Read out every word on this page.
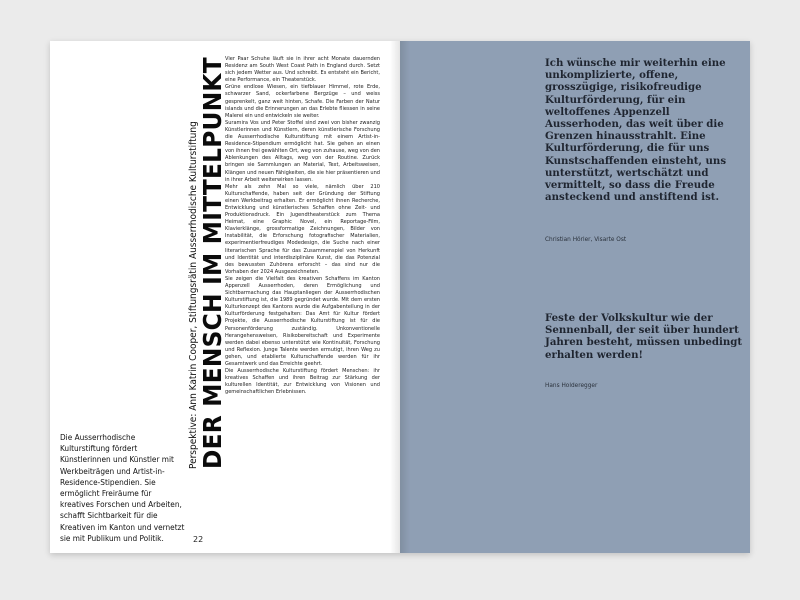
Perspektive: Ann Katrin Cooper, Stiftungsrätin Ausserrhodische Kulturstiftung DER MENSCH IM MITTELPUNKT

Vier Paar Schuhe läuft sie in ihrer acht Monate dauernden Residenz am South West Coast Path in England durch. Setzt sich jedem Wetter aus. Und schreibt. Es entsteht ein Bericht, eine Performance, ein Theaterstück.

Grüne endlose Wiesen, ein tiefblauer Himmel, rote Erde, schwarzer Sand, ockerfarbene Bergzüge – und weiss gesprenkelt, ganz weit hinten, Schafe. Die Farben der Natur islands und die Erinnerungen an das Erlebte fliessen in seine Malerei ein und entwickeln sie weiter.

Suramira Vos und Peter Stoffel sind zwei von bisher zwanzig Künstlerinnen und Künstlern, deren künstlerische Forschung die Ausserrhodische Kulturstiftung mit einem Artist-in-Residence-Stipendium ermöglicht hat. Sie gehen an einen von ihnen frei gewählten Ort, weg von zuhause, weg von den Ablenkungen des Alltags, weg von der Routine. Zurück bringen sie Sammlungen an Material, Text, Arbeitsweisen, Klängen und neuen Fähigkeiten, die sie hier präsentieren und in ihrer Arbeit weiterwirken lassen.

Mehr als zehn Mal so viele, nämlich über 210 Kulturschaffende, haben seit der Gründung der Stiftung einen Werkbeitrag erhalten. Er ermöglicht ihnen Recherche, Entwicklung und künstlerisches Schaffen ohne Zeit- und Produktionsdruck. Ein Jugendtheaterstück zum Thema Heimat, eine Graphic Novel, ein Reportage-Film, Klavierklänge, grossformatige Zeichnungen, Bilder von Instabilität, die Erforschung fotografischer Materialien, experimentierfreudiges Modedesign, die Suche nach einer literarischen Sprache für das Zusammenspiel von Herkunft und Identität und interdisziplinäre Kunst, die das Potenzial des bewussten Zuhörens erforscht – das sind nur die Vorhaben der 2024 Ausgezeichneten.

Sie zeigen die Vielfalt des kreativen Schaffens im Kanton Appenzell Ausserrhoden, deren Ermöglichung und Sichtbarmachung das Hauptanliegen der Ausserrhodischen Kulturstiftung ist, die 1989 gegründet wurde. Mit dem ersten Kulturkonzept des Kantons wurde die Aufgabenteilung in der Kulturförderung festgehalten: Das Amt für Kultur fördert Projekte, die Ausserrhodische Kulturstiftung ist für die Personenförderung zuständig. Unkonventionelle Herangehensweisen, Risikobereitschaft und Experimente werden dabei ebenso unterstützt wie Kontinuität, Forschung und Reflexion. Junge Talente werden ermutigt, ihren Weg zu gehen, und etablierte Kulturschaffende werden für ihr Gesamtwerk und das Erreichte geehrt.

Die Ausserrhodische Kulturstiftung fördert Menschen: ihr kreatives Schaffen und ihren Beitrag zur Stärkung der kulturellen Identität, zur Entwicklung von Visionen und gemeinschaftlichen Erlebnissen.

Die Ausserrhodische Kulturstiftung fördert Künstlerinnen und Künstler mit Werkbeiträgen und Artist-in-Residence-Stipendien. Sie ermöglicht Freiräume für kreatives Forschen und Arbeiten, schafft Sichtbarkeit für die Kreativen im Kanton und vernetzt sie mit Publikum und Politik.	22

Ich wünsche mir weiterhin eine unkomplizierte, offene, grosszügige, risikofreudige Kulturförderung, für ein weltoffenes Appenzell Ausserhoden, das weit über die Grenzen hinausstrahlt. Eine Kulturförderung, die für uns Kunstschaffenden einsteht, uns unterstützt, wertschätzt und vermittelt, so dass die Freude ansteckend und anstiftend ist.

Christian Hörler, Visarte Ost

Feste der Volkskultur wie der Sennenball, der seit über hundert Jahren besteht, müssen unbedingt erhalten werden!

Hans Holderegger
